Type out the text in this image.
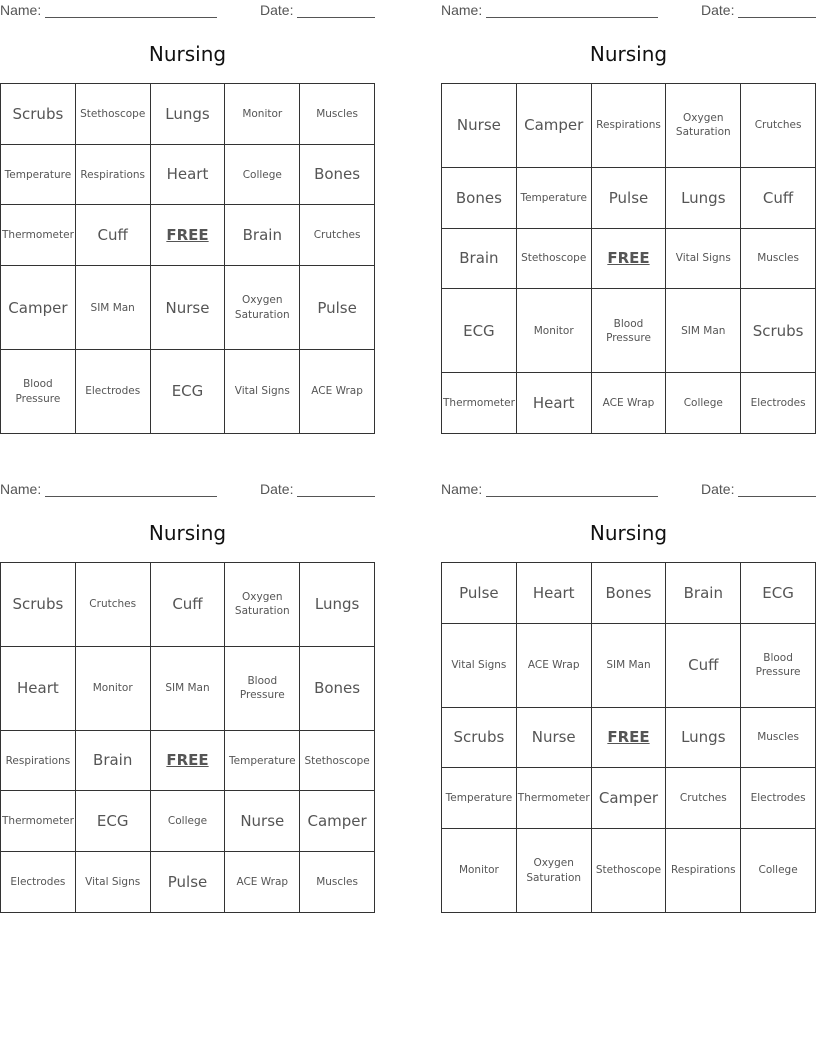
Name:	Date:
Nursing
Scrubs	Stethoscope	Lungs	Monitor	Muscles
Temperature	Respirations	Heart	College	Bones
Thermometer	Cuff	FREE	Brain	Crutches
Camper	SIM Man	Nurse	Oxygen Saturation	Pulse
Blood Pressure	Electrodes	ECG	Vital Signs	ACE Wrap
Name:	Date:
Nursing
Nurse	Camper	Respirations	Oxygen Saturation	Crutches
Bones	Temperature	Pulse	Lungs	Cuff
Brain	Stethoscope	FREE	Vital Signs	Muscles
ECG	Monitor	Blood Pressure	SIM Man	Scrubs
Thermometer	Heart	ACE Wrap	College	Electrodes
Name:	Date:
Nursing
Scrubs	Crutches	Cuff	Oxygen Saturation	Lungs
Heart	Monitor	SIM Man	Blood Pressure	Bones
Respirations	Brain	FREE	Temperature	Stethoscope
Thermometer	ECG	College	Nurse	Camper
Electrodes	Vital Signs	Pulse	ACE Wrap	Muscles
Name:	Date:
Nursing
Pulse	Heart	Bones	Brain	ECG
Vital Signs	ACE Wrap	SIM Man	Cuff	Blood Pressure
Scrubs	Nurse	FREE	Lungs	Muscles
Temperature	Thermometer	Camper	Crutches	Electrodes
Monitor	Oxygen Saturation	Stethoscope	Respirations	College
